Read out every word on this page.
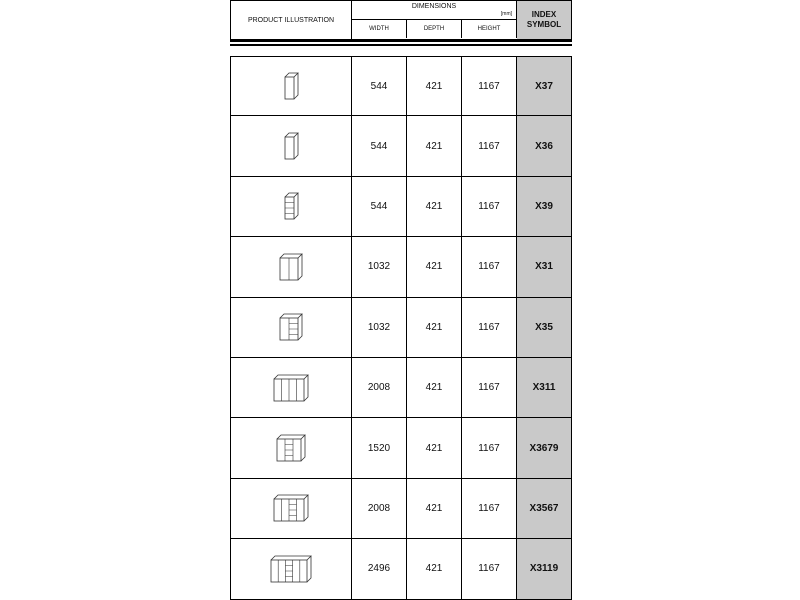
PRODUCT ILLUSTRATION
DIMENSIONS
[mm]
WIDTH	DEPTH	HEIGHT
INDEX
SYMBOL
544	421	1167	X37
544	421	1167	X36
544	421	1167	X39
1032	421	1167	X31
1032	421	1167	X35
2008	421	1167	X311
1520	421	1167	X3679
2008	421	1167	X3567
2496	421	1167	X3119
